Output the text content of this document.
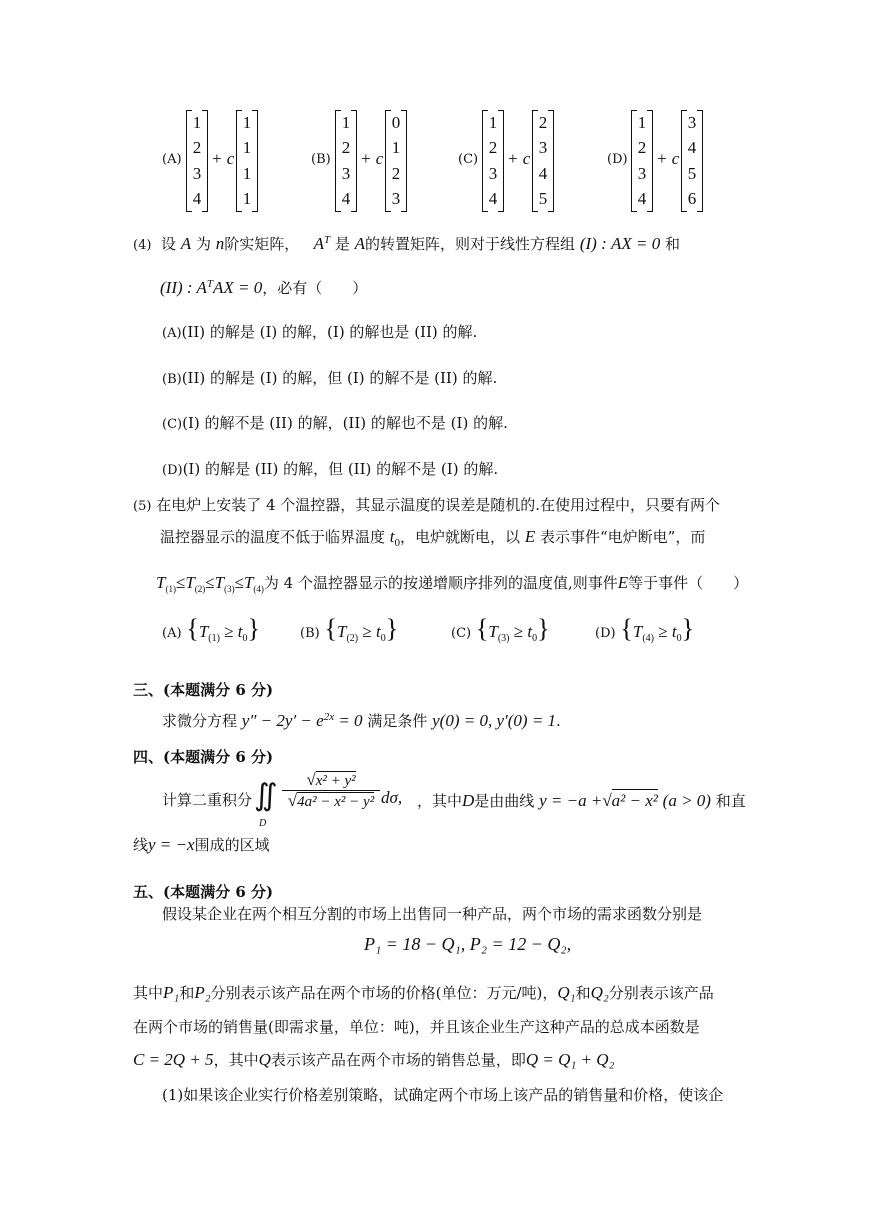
(A)
1
2
3
4
+ c
1
1
1
1
(B)
1
2
3
4
+ c
0
1
2
3
(C)
1
2
3
4
+ c
2
3
4
5
(D)
1
2
3
4
+ c
3
4
5
6
(4) 设 A 为 n阶实矩阵， $A^T$ 是 A的转置矩阵，则对于线性方程组 (I) : AX = 0 和
(II) : $A^TAX = 0$，必有（　　）
(A)(II) 的解是 (I) 的解，(I) 的解也是 (II) 的解.
(B)(II) 的解是 (I) 的解，但 (I) 的解不是 (II) 的解.
(C)(I) 的解不是 (II) 的解，(II) 的解也不是 (I) 的解.
(D)(I) 的解是 (II) 的解，但 (II) 的解不是 (I) 的解.
(5) 在电炉上安装了 4 个温控器，其显示温度的误差是随机的.在使用过程中，只要有两个
温控器显示的温度不低于临界温度 $t_0$，电炉就断电，以 E 表示事件“电炉断电”，而
$T_{(1)}\le T_{(2)}\le T_{(3)}\le T_{(4)}$为 4 个温控器显示的按递增顺序排列的温度值,则事件E等于事件（　　）
(A) $\{T_{(1)} \ge t_0\}$	(B) $\{T_{(2)} \ge t_0\}$	(C) $\{T_{(3)} \ge t_0\}$	(D) $\{T_{(4)} \ge t_0\}$
三、(本题满分 6 分)
求微分方程 $y'' - 2y' - e^{2x} = 0$ 满足条件 y(0) = 0, y′(0) = 1.
四、(本题满分 6 分)
计算二重积分 ∬
D
√x² + y²
√4a² − x² − y² dσ, ，其中D是由曲线 y = −a +√a² − x² (a > 0) 和直
线y = −x围成的区域
五、(本题满分 6 分)
假设某企业在两个相互分割的市场上出售同一种产品，两个市场的需求函数分别是
P₁ = 18 − Q₁, P₂ = 12 − Q₂,
其中P₁和P₂分别表示该产品在两个市场的价格(单位：万元/吨)，Q₁和Q₂分别表示该产品
在两个市场的销售量(即需求量，单位：吨)，并且该企业生产这种产品的总成本函数是
C = 2Q + 5，其中Q表示该产品在两个市场的销售总量，即Q = Q₁ + Q₂
(1)如果该企业实行价格差别策略，试确定两个市场上该产品的销售量和价格，使该企
